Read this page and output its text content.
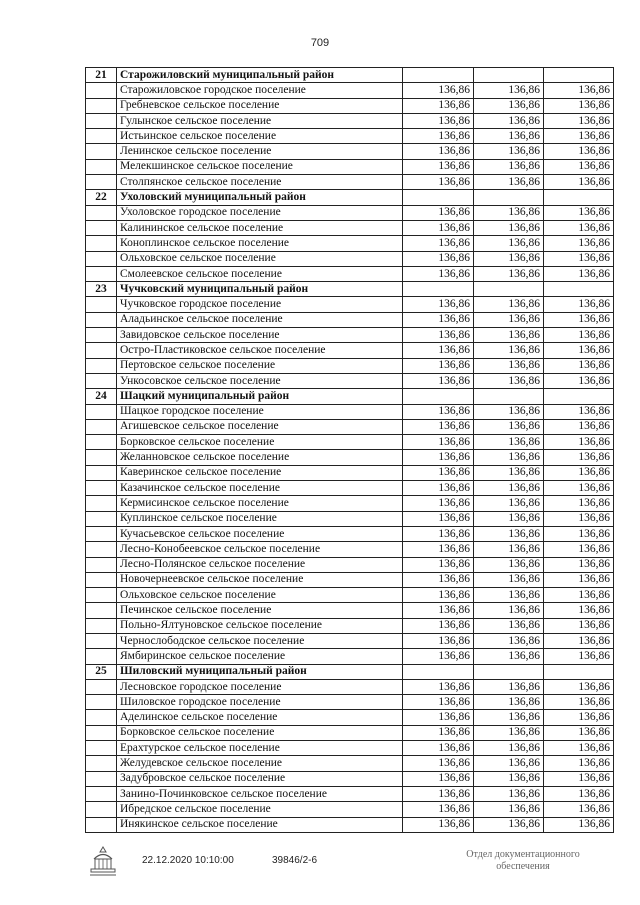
709
21	Старожиловский муниципальный район			
	Старожиловское городское поселение	136,86	136,86	136,86
	Гребневское сельское поселение	136,86	136,86	136,86
	Гулынское сельское поселение	136,86	136,86	136,86
	Истьинское сельское поселение	136,86	136,86	136,86
	Ленинское сельское поселение	136,86	136,86	136,86
	Мелекшинское сельское поселение	136,86	136,86	136,86
	Столпянское сельское поселение	136,86	136,86	136,86
22	Ухоловский муниципальный район			
	Ухоловское городское поселение	136,86	136,86	136,86
	Калининское сельское поселение	136,86	136,86	136,86
	Коноплинское сельское поселение	136,86	136,86	136,86
	Ольховское сельское поселение	136,86	136,86	136,86
	Смолеевское сельское поселение	136,86	136,86	136,86
23	Чучковский муниципальный район			
	Чучковское городское поселение	136,86	136,86	136,86
	Аладьинское сельское поселение	136,86	136,86	136,86
	Завидовское сельское поселение	136,86	136,86	136,86
	Остро-Пластиковское сельское поселение	136,86	136,86	136,86
	Пертовское сельское поселение	136,86	136,86	136,86
	Ункосовское сельское поселение	136,86	136,86	136,86
24	Шацкий муниципальный район			
	Шацкое городское поселение	136,86	136,86	136,86
	Агишевское сельское поселение	136,86	136,86	136,86
	Борковское сельское поселение	136,86	136,86	136,86
	Желанновское сельское поселение	136,86	136,86	136,86
	Каверинское сельское поселение	136,86	136,86	136,86
	Казачинское сельское поселение	136,86	136,86	136,86
	Кермисинское сельское поселение	136,86	136,86	136,86
	Куплинское сельское поселение	136,86	136,86	136,86
	Кучасьевское сельское поселение	136,86	136,86	136,86
	Лесно-Конобеевское сельское поселение	136,86	136,86	136,86
	Лесно-Полянское сельское поселение	136,86	136,86	136,86
	Новочернеевское сельское поселение	136,86	136,86	136,86
	Ольховское сельское поселение	136,86	136,86	136,86
	Печинское сельское поселение	136,86	136,86	136,86
	Польно-Ялтуновское сельское поселение	136,86	136,86	136,86
	Чернослободское сельское поселение	136,86	136,86	136,86
	Ямбиринское сельское поселение	136,86	136,86	136,86
25	Шиловский муниципальный район			
	Лесновское городское поселение	136,86	136,86	136,86
	Шиловское городское поселение	136,86	136,86	136,86
	Аделинское сельское поселение	136,86	136,86	136,86
	Борковское сельское поселение	136,86	136,86	136,86
	Ерахтурское сельское поселение	136,86	136,86	136,86
	Желудевское сельское поселение	136,86	136,86	136,86
	Задубровское сельское поселение	136,86	136,86	136,86
	Занино-Починковское сельское поселение	136,86	136,86	136,86
	Ибредское сельское поселение	136,86	136,86	136,86
	Инякинское сельское поселение	136,86	136,86	136,86
22.12.2020 10:10:00	39846/2-6
Отдел документационного
обеспечения
